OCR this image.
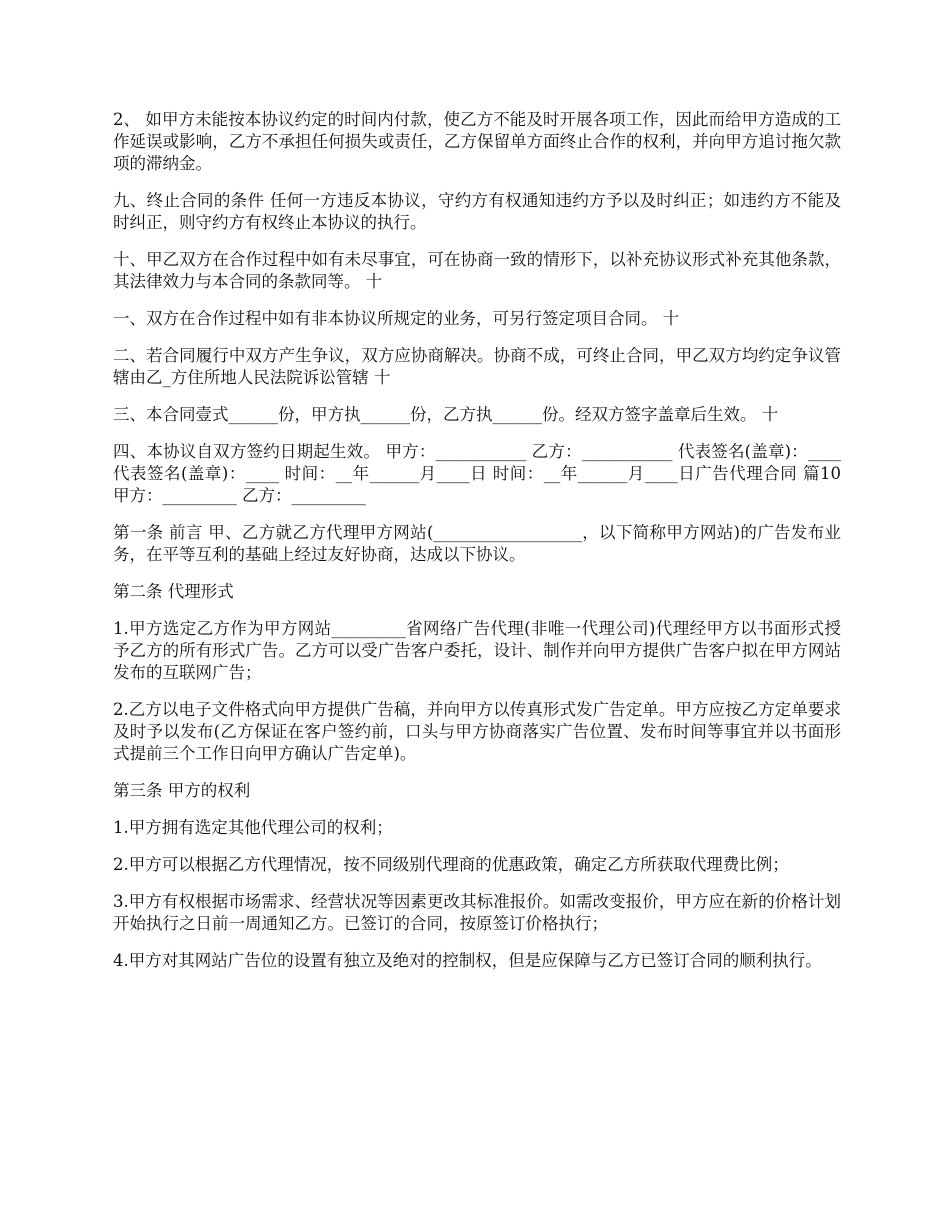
2、 如甲方未能按本协议约定的时间内付款，使乙方不能及时开展各项工作，因此而给甲方造成的工作延误或影响，乙方不承担任何损失或责任，乙方保留单方面终止合作的权利，并向甲方追讨拖欠款项的滞纳金。

九、终止合同的条件 任何一方违反本协议，守约方有权通知违约方予以及时纠正；如违约方不能及时纠正，则守约方有权终止本协议的执行。

十、甲乙双方在合作过程中如有未尽事宜，可在协商一致的情形下，以补充协议形式补充其他条款，其法律效力与本合同的条款同等。 十

一、双方在合作过程中如有非本协议所规定的业务，可另行签定项目合同。 十

二、若合同履行中双方产生争议，双方应协商解决。协商不成，可终止合同，甲乙双方均约定争议管辖由乙_方住所地人民法院诉讼管辖 十

三、本合同壹式______份，甲方执______份，乙方执______份。经双方签字盖章后生效。 十

四、本协议自双方签约日期起生效。 甲方：___________ 乙方：___________ 代表签名(盖章)：____ 代表签名(盖章)：____ 时间：__年______月____日 时间：__年______月____日广告代理合同 篇10 甲方：_________ 乙方：_________

第一条 前言 甲、乙方就乙方代理甲方网站(__________________，以下简称甲方网站)的广告发布业务，在平等互利的基础上经过友好协商，达成以下协议。

第二条 代理形式

1.甲方选定乙方作为甲方网站_________省网络广告代理(非唯一代理公司)代理经甲方以书面形式授予乙方的所有形式广告。乙方可以受广告客户委托，设计、制作并向甲方提供广告客户拟在甲方网站发布的互联网广告；

2.乙方以电子文件格式向甲方提供广告稿，并向甲方以传真形式发广告定单。甲方应按乙方定单要求及时予以发布(乙方保证在客户签约前，口头与甲方协商落实广告位置、发布时间等事宜并以书面形式提前三个工作日向甲方确认广告定单)。

第三条 甲方的权利

1.甲方拥有选定其他代理公司的权利；

2.甲方可以根据乙方代理情况，按不同级别代理商的优惠政策，确定乙方所获取代理费比例；

3.甲方有权根据市场需求、经营状况等因素更改其标准报价。如需改变报价，甲方应在新的价格计划开始执行之日前一周通知乙方。已签订的合同，按原签订价格执行；

4.甲方对其网站广告位的设置有独立及绝对的控制权，但是应保障与乙方已签订合同的顺利执行。
